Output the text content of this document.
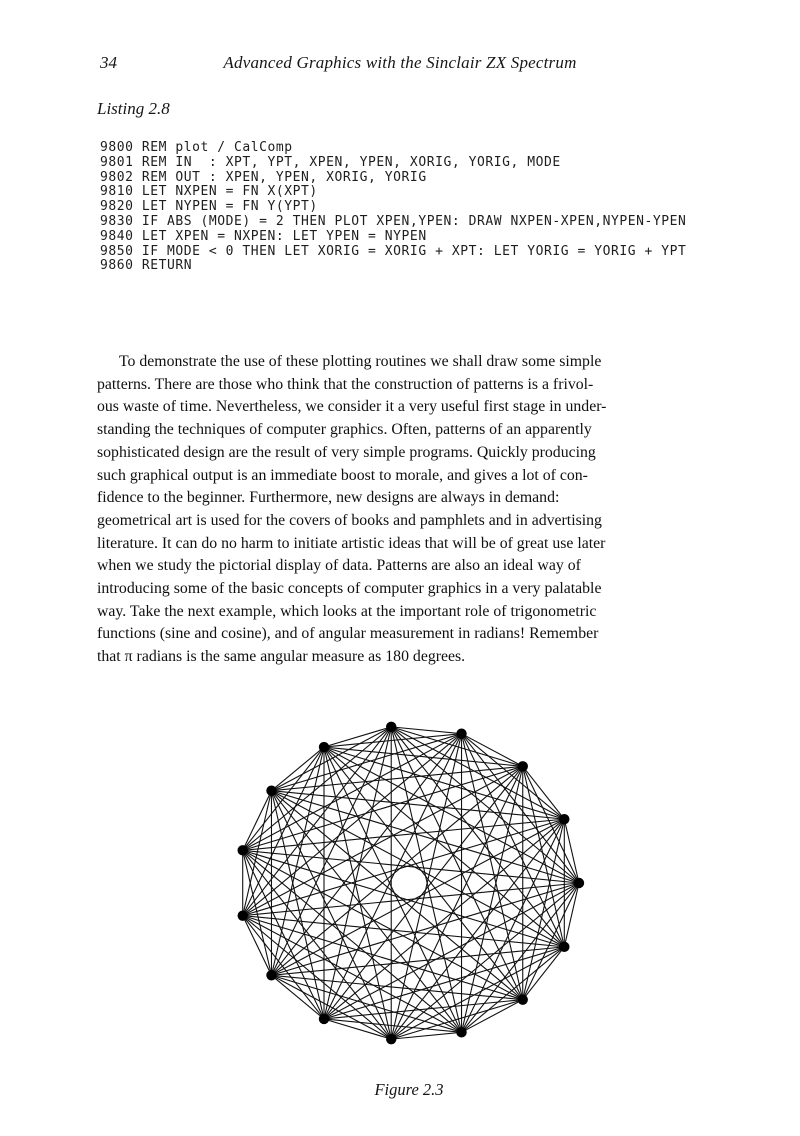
34	Advanced Graphics with the Sinclair ZX Spectrum
Listing 2.8
9800 REM plot / CalComp
9801 REM IN  : XPT, YPT, XPEN, YPEN, XORIG, YORIG, MODE
9802 REM OUT : XPEN, YPEN, XORIG, YORIG
9810 LET NXPEN = FN X(XPT)
9820 LET NYPEN = FN Y(YPT)
9830 IF ABS (MODE) = 2 THEN PLOT XPEN,YPEN: DRAW NXPEN-XPEN,NYPEN-YPEN
9840 LET XPEN = NXPEN: LET YPEN = NYPEN
9850 IF MODE < 0 THEN LET XORIG = XORIG + XPT: LET YORIG = YORIG + YPT
9860 RETURN
To demonstrate the use of these plotting routines we shall draw some simple
patterns. There are those who think that the construction of patterns is a frivol-
ous waste of time. Nevertheless, we consider it a very useful first stage in under-
standing the techniques of computer graphics. Often, patterns of an apparently
sophisticated design are the result of very simple programs. Quickly producing
such graphical output is an immediate boost to morale, and gives a lot of con-
fidence to the beginner. Furthermore, new designs are always in demand:
geometrical art is used for the covers of books and pamphlets and in advertising
literature. It can do no harm to initiate artistic ideas that will be of great use later
when we study the pictorial display of data. Patterns are also an ideal way of
introducing some of the basic concepts of computer graphics in a very palatable
way. Take the next example, which looks at the important role of trigonometric
functions (sine and cosine), and of angular measurement in radians! Remember
that π radians is the same angular measure as 180 degrees.
Figure 2.3
